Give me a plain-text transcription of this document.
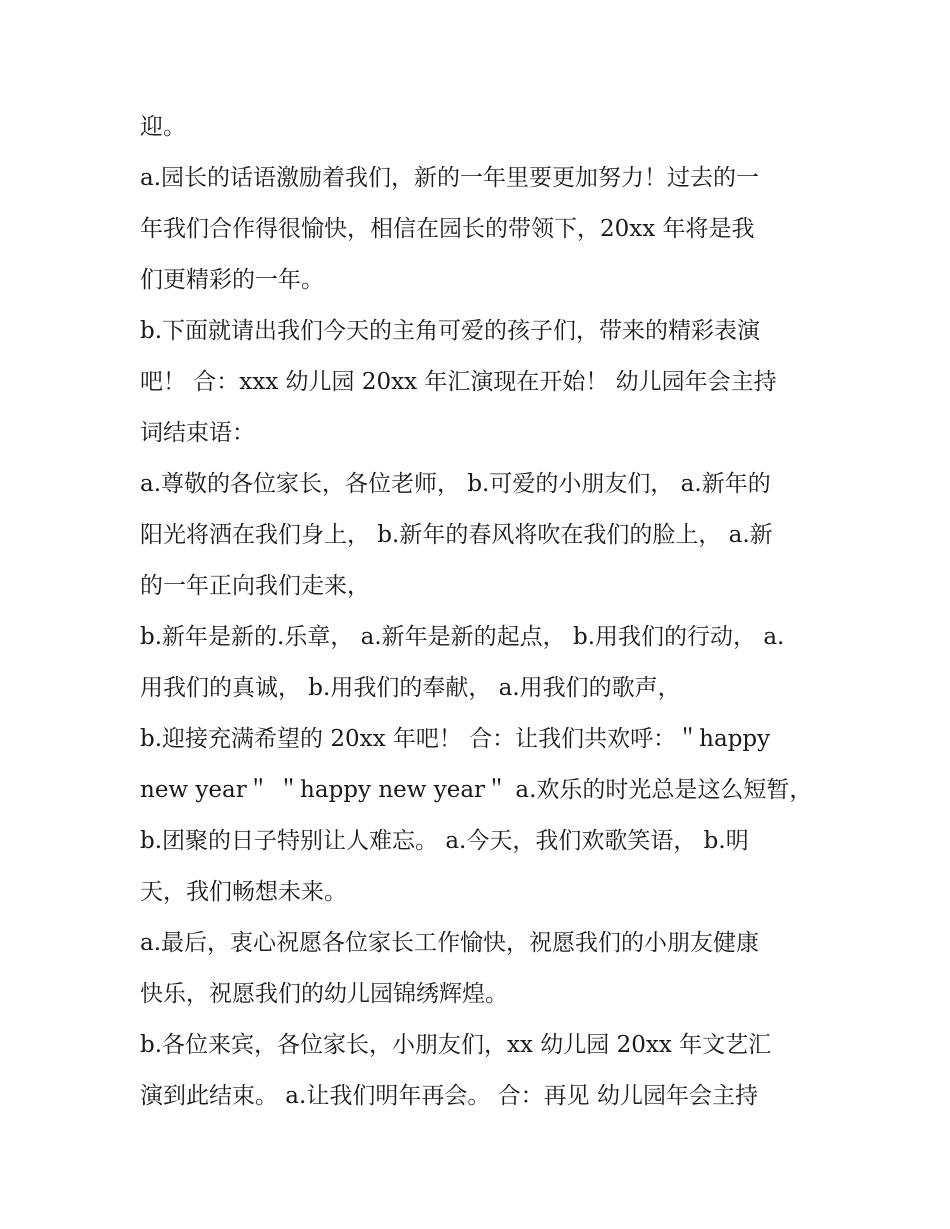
迎。

a.园长的话语激励着我们，新的一年里要更加努力！过去的一

年我们合作得很愉快，相信在园长的带领下，20xx 年将是我

们更精彩的一年。

b.下面就请出我们今天的主角可爱的孩子们，带来的精彩表演

吧！ 合：xxx 幼儿园 20xx 年汇演现在开始！ 幼儿园年会主持

词结束语：

a.尊敬的各位家长，各位老师， b.可爱的小朋友们， a.新年的

阳光将洒在我们身上， b.新年的春风将吹在我们的脸上， a.新

的一年正向我们走来，

b.新年是新的.乐章， a.新年是新的起点， b.用我们的行动， a.

用我们的真诚， b.用我们的奉献， a.用我们的歌声，

b.迎接充满希望的 20xx 年吧！ 合：让我们共欢呼：＂happy

new year＂ ＂happy new year＂ a.欢乐的时光总是这么短暂，

b.团聚的日子特别让人难忘。 a.今天，我们欢歌笑语， b.明

天，我们畅想未来。

a.最后，衷心祝愿各位家长工作愉快，祝愿我们的小朋友健康

快乐，祝愿我们的幼儿园锦绣辉煌。

b.各位来宾，各位家长，小朋友们，xx 幼儿园 20xx 年文艺汇

演到此结束。 a.让我们明年再会。 合：再见 幼儿园年会主持
